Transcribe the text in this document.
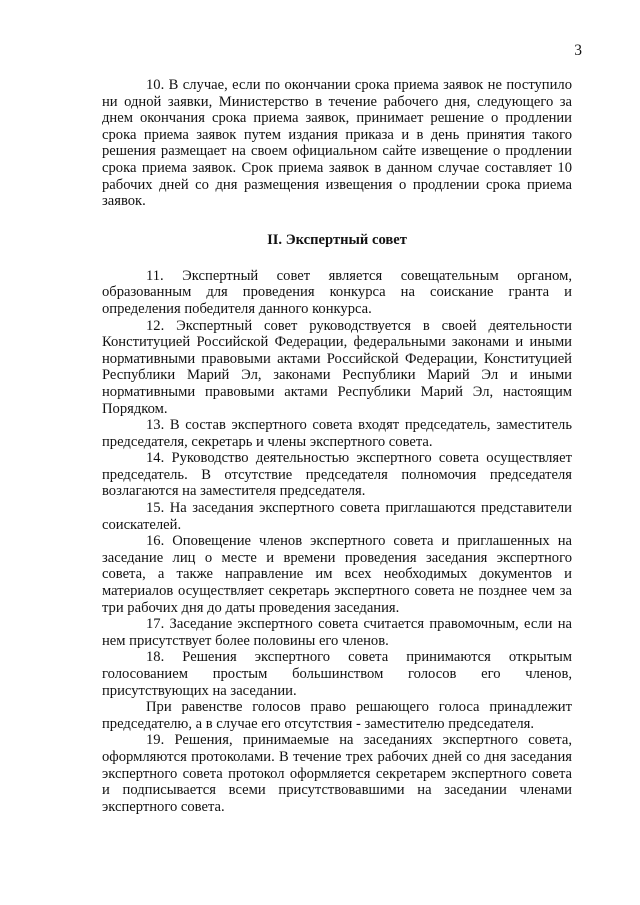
3

10. В случае, если по окончании срока приема заявок не поступило ни одной заявки, Министерство в течение рабочего дня, следующего за днем окончания срока приема заявок, принимает решение о продлении срока приема заявок путем издания приказа и в день принятия такого решения размещает на своем официальном сайте извещение о продлении срока приема заявок. Срок приема заявок в данном случае составляет 10 рабочих дней со дня размещения извещения о продлении срока приема заявок.

II. Экспертный совет

11. Экспертный совет является совещательным органом, образованным для проведения конкурса на соискание гранта и определения победителя данного конкурса.

12. Экспертный совет руководствуется в своей деятельности Конституцией Российской Федерации, федеральными законами и иными нормативными правовыми актами Российской Федерации, Конституцией Республики Марий Эл, законами Республики Марий Эл и иными нормативными правовыми актами Республики Марий Эл, настоящим Порядком.

13. В состав экспертного совета входят председатель, заместитель председателя, секретарь и члены экспертного совета.

14. Руководство деятельностью экспертного совета осуществляет председатель. В отсутствие председателя полномочия председателя возлагаются на заместителя председателя.

15. На заседания экспертного совета приглашаются представители соискателей.

16. Оповещение членов экспертного совета и приглашенных на заседание лиц о месте и времени проведения заседания экспертного совета, а также направление им всех необходимых документов и материалов осуществляет секретарь экспертного совета не позднее чем за три рабочих дня до даты проведения заседания.

17. Заседание экспертного совета считается правомочным, если на нем присутствует более половины его членов.

18. Решения экспертного совета принимаются открытым голосованием простым большинством голосов его членов, присутствующих на заседании.

При равенстве голосов право решающего голоса принадлежит председателю, а в случае его отсутствия - заместителю председателя.

19. Решения, принимаемые на заседаниях экспертного совета, оформляются протоколами. В течение трех рабочих дней со дня заседания экспертного совета протокол оформляется секретарем экспертного совета и подписывается всеми присутствовавшими на заседании членами экспертного совета.
